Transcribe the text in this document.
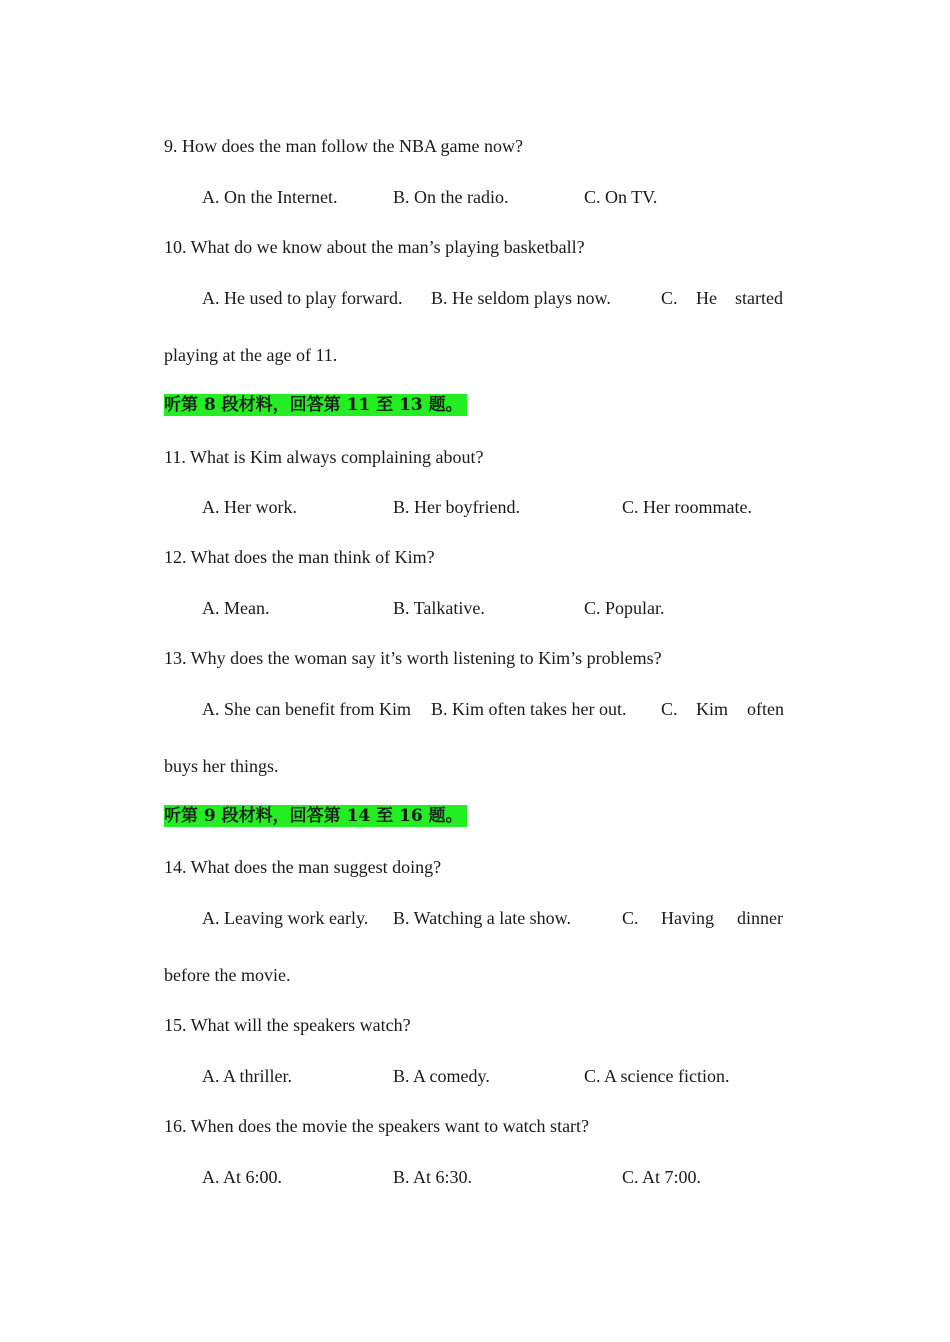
9. How does the man follow the NBA game now?
A. On the Internet.	B. On the radio.	C. On TV.
10. What do we know about the man’s playing basketball?
A. He used to play forward. B. He seldom plays now.	C. He started
playing at the age of 11.
听第 8 段材料，回答第 11 至 13 题。
11. What is Kim always complaining about?
A. Her work.	B. Her boyfriend.	C. Her roommate.
12. What does the man think of Kim?
A. Mean.	B. Talkative.	C. Popular.
13. Why does the woman say it’s worth listening to Kim’s problems?
A. She can benefit from Kim B. Kim often takes her out. C. Kim often
buys her things.
听第 9 段材料，回答第 14 至 16 题。
14. What does the man suggest doing?
A. Leaving work early. B. Watching a late show.	C. Having dinner
before the movie.
15. What will the speakers watch?
A. A thriller.	B. A comedy.	C. A science fiction.
16. When does the movie the speakers want to watch start?
A. At 6:00.	B. At 6:30.	C. At 7:00.
